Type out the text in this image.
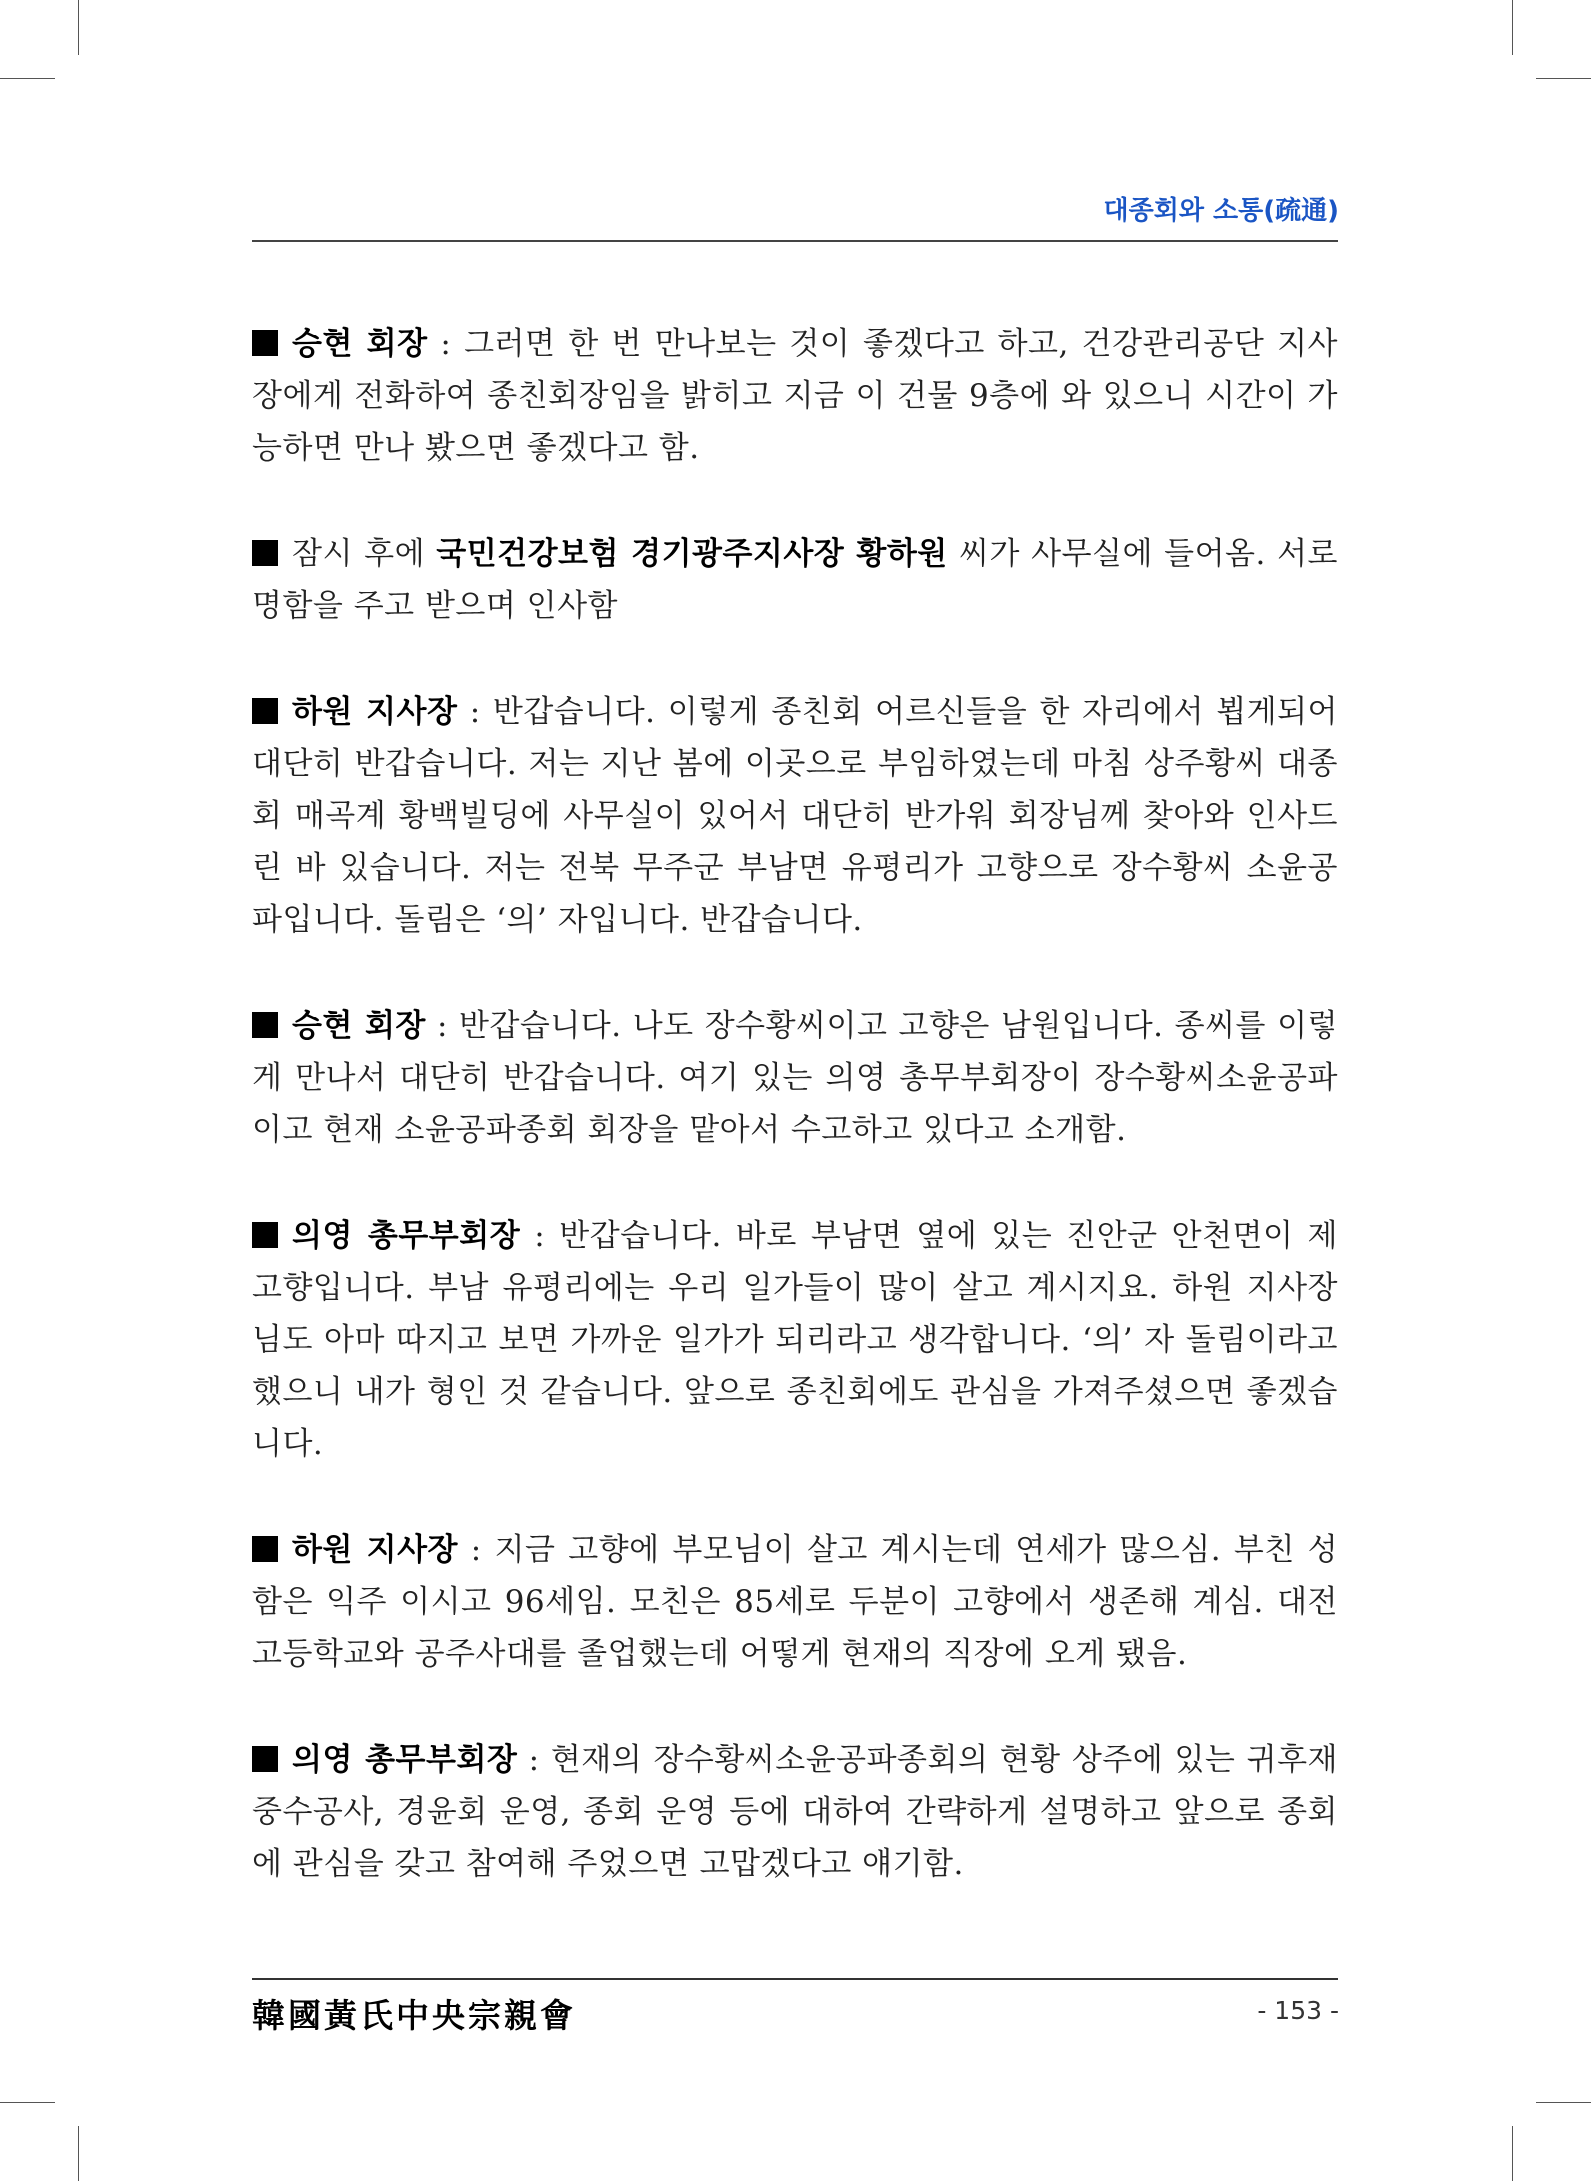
대종회와 소통(疏通)

승현 회장 : 그러면 한 번 만나보는 것이 좋겠다고 하고, 건강관리공단 지사장에게 전화하여 종친회장임을 밝히고 지금 이 건물 9층에 와 있으니 시간이 가능하면 만나 봤으면 좋겠다고 함.

잠시 후에 국민건강보험 경기광주지사장 황하원 씨가 사무실에 들어옴. 서로 명함을 주고 받으며 인사함

하원 지사장 : 반갑습니다. 이렇게 종친회 어르신들을 한 자리에서 뵙게되어 대단히 반갑습니다. 저는 지난 봄에 이곳으로 부임하였는데 마침 상주황씨 대종회 매곡계 황백빌딩에 사무실이 있어서 대단히 반가워 회장님께 찾아와 인사드린 바 있습니다. 저는 전북 무주군 부남면 유평리가 고향으로 장수황씨 소윤공파입니다. 돌림은 ‘의’ 자입니다. 반갑습니다.

승현 회장 : 반갑습니다. 나도 장수황씨이고 고향은 남원입니다. 종씨를 이렇게 만나서 대단히 반갑습니다. 여기 있는 의영 총무부회장이 장수황씨소윤공파이고 현재 소윤공파종회 회장을 맡아서 수고하고 있다고 소개함.

의영 총무부회장 : 반갑습니다. 바로 부남면 옆에 있는 진안군 안천면이 제 고향입니다. 부남 유평리에는 우리 일가들이 많이 살고 계시지요. 하원 지사장님도 아마 따지고 보면 가까운 일가가 되리라고 생각합니다. ‘의’ 자 돌림이라고 했으니 내가 형인 것 같습니다. 앞으로 종친회에도 관심을 가져주셨으면 좋겠습니다.

하원 지사장 : 지금 고향에 부모님이 살고 계시는데 연세가 많으심. 부친 성함은 익주 이시고 96세임. 모친은 85세로 두분이 고향에서 생존해 계심. 대전고등학교와 공주사대를 졸업했는데 어떻게 현재의 직장에 오게 됐음.

의영 총무부회장 : 현재의 장수황씨소윤공파종회의 현황 상주에 있는 귀후재 중수공사, 경윤회 운영, 종회 운영 등에 대하여 간략하게 설명하고 앞으로 종회에 관심을 갖고 참여해 주었으면 고맙겠다고 얘기함.

韓國黃氏中央宗親會	- 153 -
